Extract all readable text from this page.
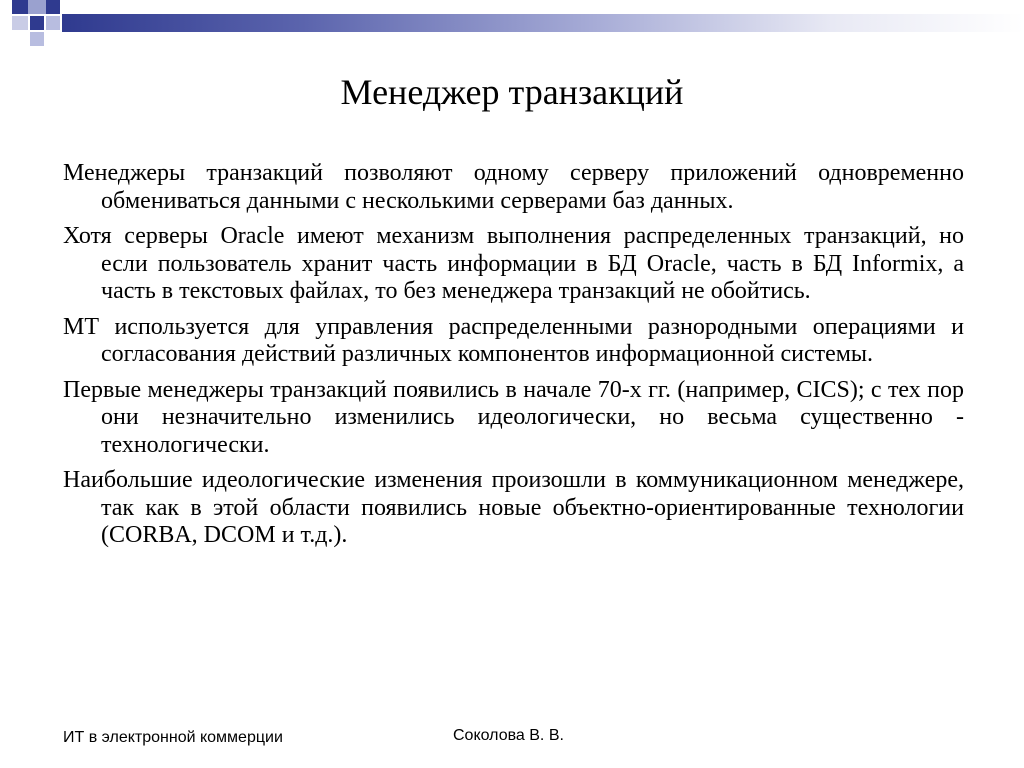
Менеджер транзакций

Менеджеры транзакций позволяют одному серверу приложений одновременно обмениваться данными с несколькими серверами баз данных.

Хотя серверы Oracle имеют механизм выполнения распределенных транзакций, но если пользователь хранит часть информации в БД Oracle, часть в БД Informix, а часть в текстовых файлах, то без менеджера транзакций не обойтись.

МТ используется для управления распределенными разнородными операциями и согласования действий различных компонентов информационной системы.

Первые менеджеры транзакций появились в начале 70-х гг. (например, CICS); с тех пор они незначительно изменились идеологически, но весьма существенно - технологически.

Наибольшие идеологические изменения произошли в коммуникационном менеджере, так как в этой области появились новые объектно-ориентированные технологии (CORBA, DCOM и т.д.).

ИТ в электронной коммерции	Соколова В. В.
